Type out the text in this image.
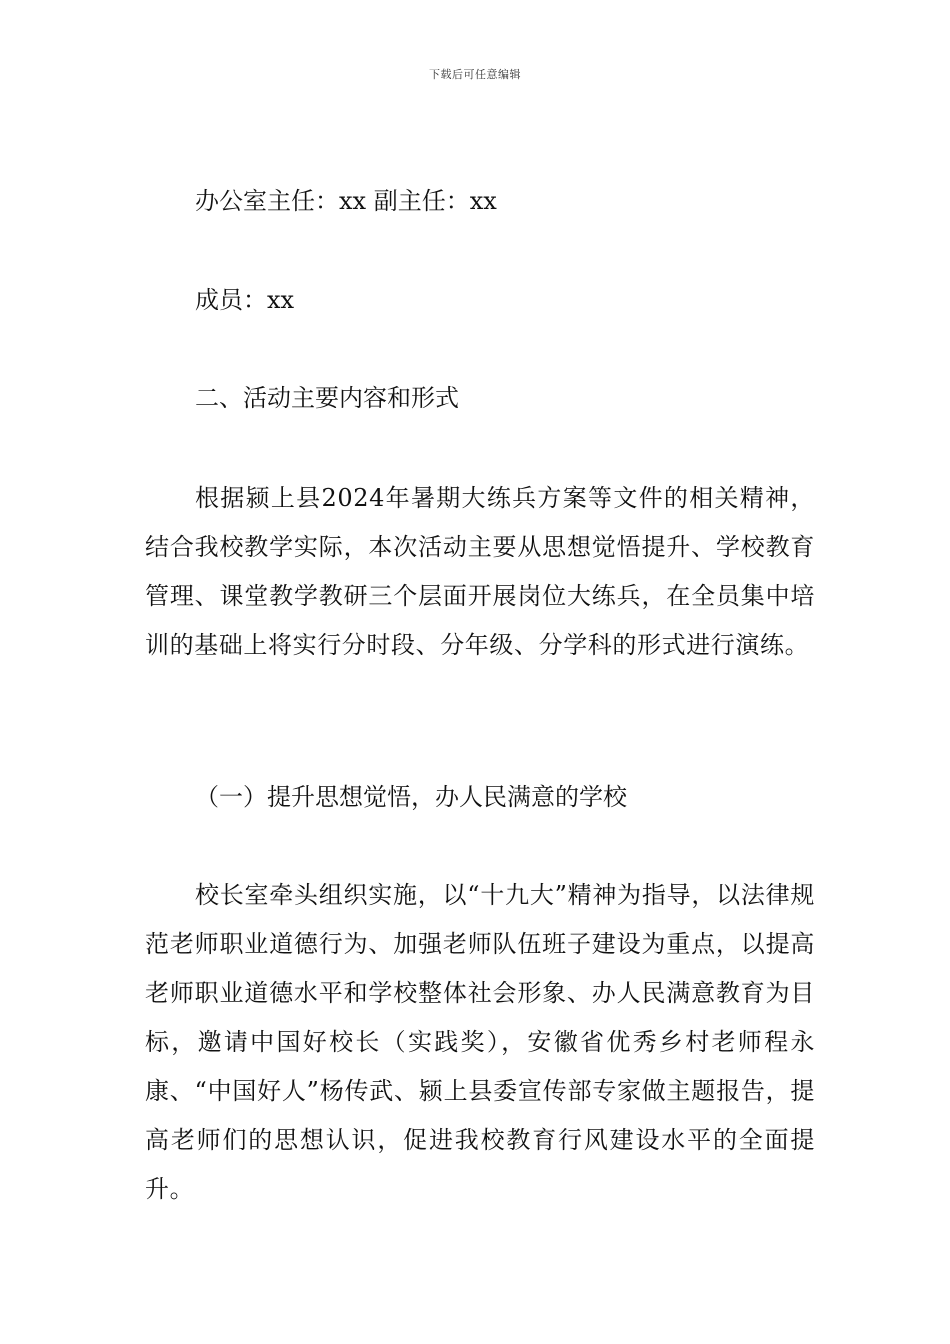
下载后可任意编辑
办公室主任：xx 副主任：xx
成员：xx
二、活动主要内容和形式
根据颍上县2024年暑期大练兵方案等文件的相关精神，结合我校教学实际，本次活动主要从思想觉悟提升、学校教育管理、课堂教学教研三个层面开展岗位大练兵，在全员集中培训的基础上将实行分时段、分年级、分学科的形式进行演练。
（一）提升思想觉悟，办人民满意的学校
校长室牵头组织实施，以“十九大”精神为指导，以法律规范老师职业道德行为、加强老师队伍班子建设为重点，以提高老师职业道德水平和学校整体社会形象、办人民满意教育为目标，邀请中国好校长（实践奖），安徽省优秀乡村老师程永康、“中国好人”杨传武、颍上县委宣传部专家做主题报告，提高老师们的思想认识，促进我校教育行风建设水平的全面提升。
